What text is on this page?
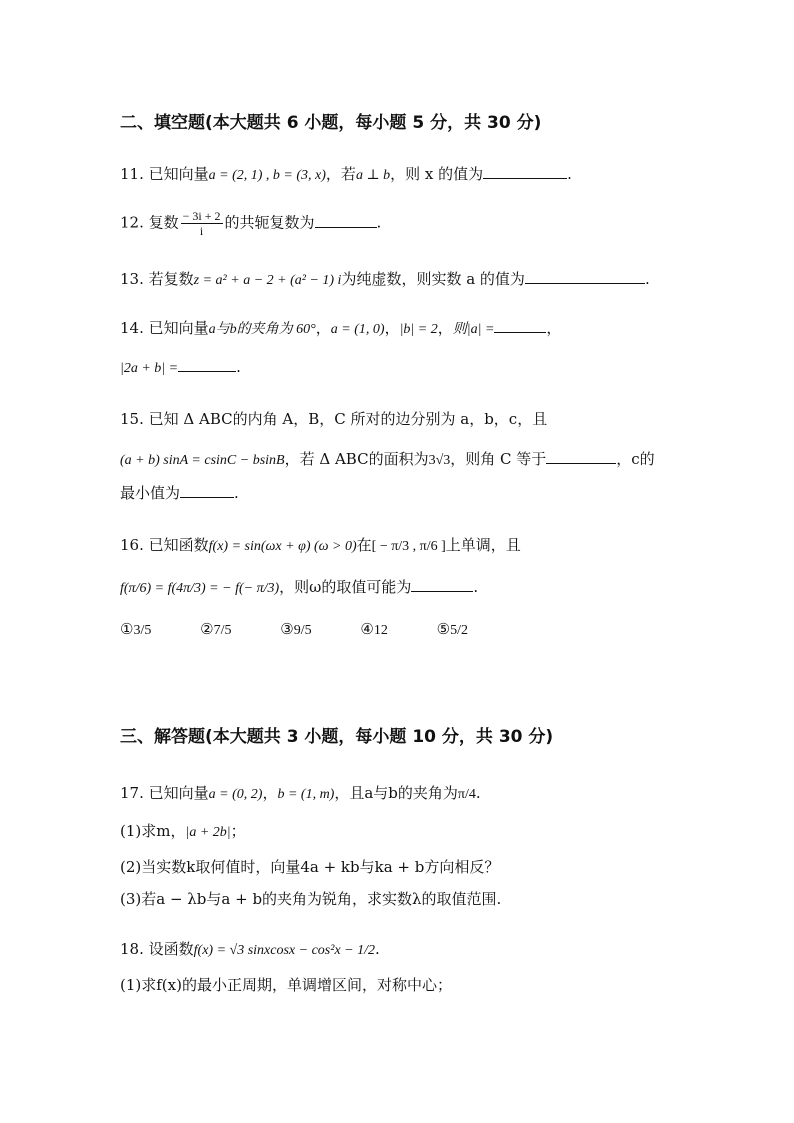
二、填空题(本大题共 6 小题，每小题 5 分，共 30 分)
11. 已知向量a = (2, 1) , b = (3, x)，若a ⊥ b，则 x 的值为	.
12. 复数 $\frac{- 3i + 2}{i}$ 的共轭复数为	.
13. 若复数z = a² + a − 2 + (a² − 1) i为纯虚数，则实数 a 的值为	.
14. 已知向量a与b的夹角为 60°，a = (1, 0)，|b| = 2，则|a| =	，
|2a + b| =	.
15. 已知 Δ ABC的内角 A，B，C 所对的边分别为 a，b，c，且
(a + b) sinA = csinC − bsinB，若 Δ ABC的面积为3√3，则角 C 等于	，c的
最小值为	.
16. 已知函数f(x) = sin(ωx + φ) (ω > 0)在[ − π/3 , π/6 ]上单调，且
f(π/6) = f(4π/3) = − f(− π/3)，则ω的取值可能为	.
①3/5	②7/5	③9/5	④12	⑤5/2
三、解答题(本大题共 3 小题，每小题 10 分，共 30 分)
17. 已知向量a = (0, 2)，b = (1, m)，且a与b的夹角为π/4.
(1)求m，|a + 2b|；
(2)当实数k取何值时，向量4a + kb与ka + b方向相反？
(3)若a − λb与a + b的夹角为锐角，求实数λ的取值范围.
18. 设函数f(x) = √3 sinxcosx − cos²x − 1/2.
(1)求f(x)的最小正周期，单调增区间，对称中心；
